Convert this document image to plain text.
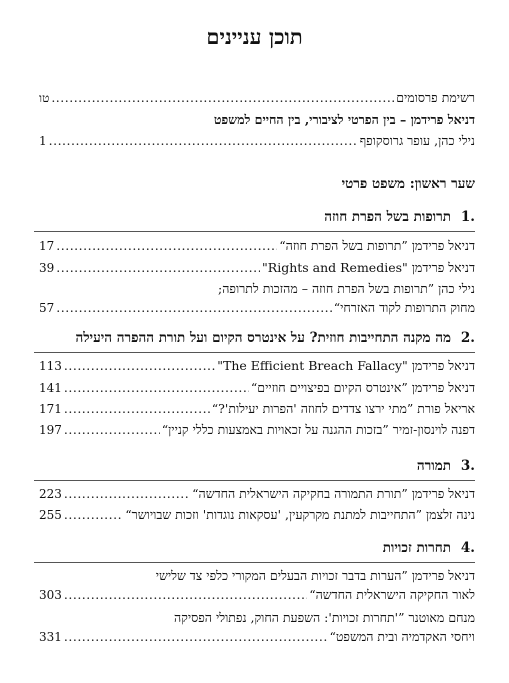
תוכן עניינים
רשימת פרסומים
.....
טו
דניאל פרידמן – בין הפרטי לציבורי, בין החיים למשפט
נילי כהן, עופר גרוסקופף
.....
1
שער ראשון: משפט פרטי
1.
תרופות בשל הפרת חוזה
דניאל פרידמן ”תרופות בשל הפרת חוזה“
.....
17
דניאל פרידמן "Rights and Remedies"
.....
39
נילי כהן ”תרופות בשל הפרת חוזה – מהזכות לתרופה;
מחוק התרופות לקוד האזרחי“
.....
57
2.
מה מקנה התחייבות חוזית? על אינטרס הקיום ועל תורת ההפרה היעילה
דניאל פרידמן "The Efficient Breach Fallacy"
.....
113
דניאל פרידמן ”אינטרס הקיום בפיצויים חוזיים“
.....
141
אריאל פורת ”מתי ירצו צדדים לחוזה 'הפרות יעילות'?“
.....
171
דפנה לוינסון-זמיר ”בזכות ההגנה על זכאויות באמצעות כללי קניין“
.....
197
3.
תמורה
דניאל פרידמן ”תורת התמורה בחקיקה הישראלית החדשה“
.....
223
נינה זלצמן ”התחייבות למתנת מקרקעין, 'עסקאות נוגדות' וזכות שבויושר“
.....
255
4.
תחרות זכויות
דניאל פרידמן ”הערות בדבר זכויות הבעלים המקורי כלפי צד שלישי
לאור החקיקה הישראלית החדשה“
.....
303
מנחם מאוטנר ”'תחרות זכויות': השפעת החוק, נפתולי הפסיקה
ויחסי האקדמיה ובית המשפט“
.....
331
